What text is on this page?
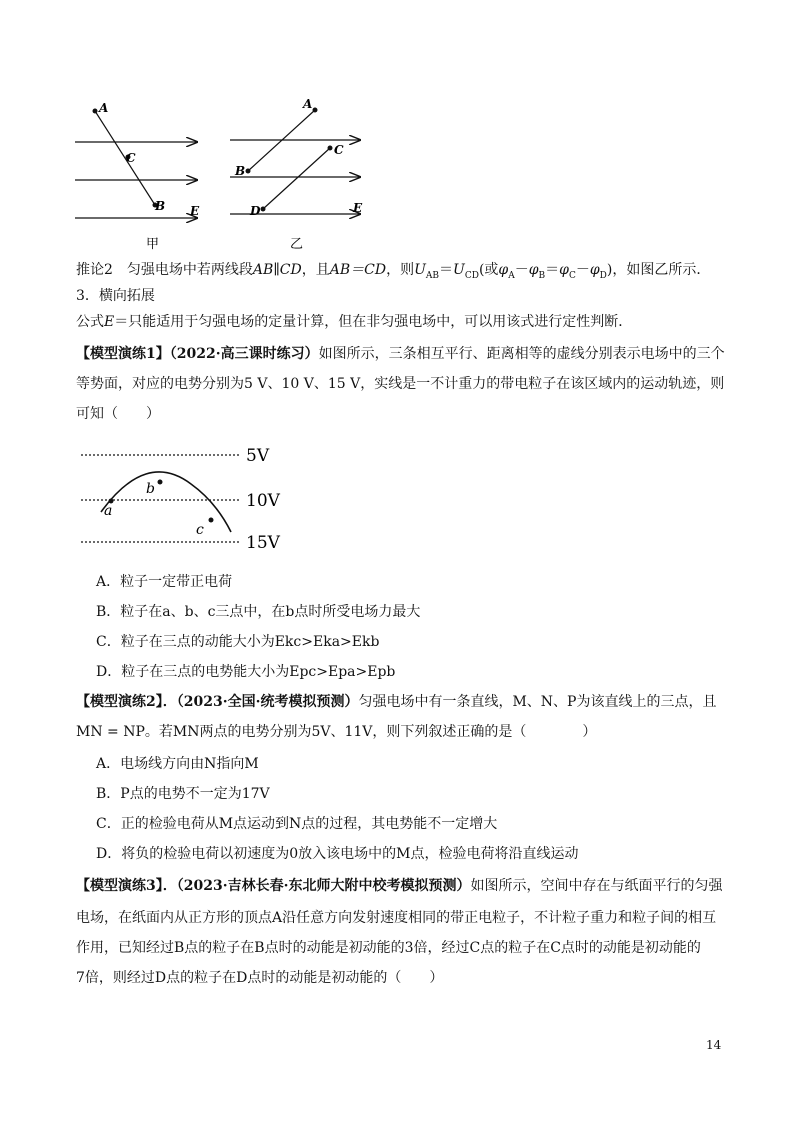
A
C
B E
甲
A
B
C
D	E
乙
推论2　匀强电场中若两线段AB∥CD，且AB＝CD，则$U_{AB}=U_{CD}$(或$\varphi_A-\varphi_B=\varphi_C-\varphi_D$)，如图乙所示．
3．横向拓展
公式E＝只能适用于匀强电场的定量计算，但在非匀强电场中，可以用该式进行定性判断．
【模型演练1】（2022·高三课时练习）如图所示，三条相互平行、距离相等的虚线分别表示电场中的三个
等势面，对应的电势分别为5 V、10 V、15 V，实线是一不计重力的带电粒子在该区域内的运动轨迹，则
可知（　　）
a
b
c
5V
10V
15V
A．粒子一定带正电荷
B．粒子在a、b、c三点中，在b点时所受电场力最大
C．粒子在三点的动能大小为Ekc>Eka>Ekb
D．粒子在三点的电势能大小为Epc>Epa>Epb
【模型演练2】．（2023·全国·统考模拟预测）匀强电场中有一条直线，M、N、P为该直线上的三点，且
MN = NP。若MN两点的电势分别为5V、11V，则下列叙述正确的是（　　　　）
A．电场线方向由N指向M
B．P点的电势不一定为17V
C．正的检验电荷从M点运动到N点的过程，其电势能不一定增大
D．将负的检验电荷以初速度为0放入该电场中的M点，检验电荷将沿直线运动
【模型演练3】．（2023·吉林长春·东北师大附中校考模拟预测）如图所示，空间中存在与纸面平行的匀强
电场，在纸面内从正方形的顶点A沿任意方向发射速度相同的带正电粒子，不计粒子重力和粒子间的相互
作用，已知经过B点的粒子在B点时的动能是初动能的3倍，经过C点的粒子在C点时的动能是初动能的
7倍，则经过D点的粒子在D点时的动能是初动能的（　　）
14
